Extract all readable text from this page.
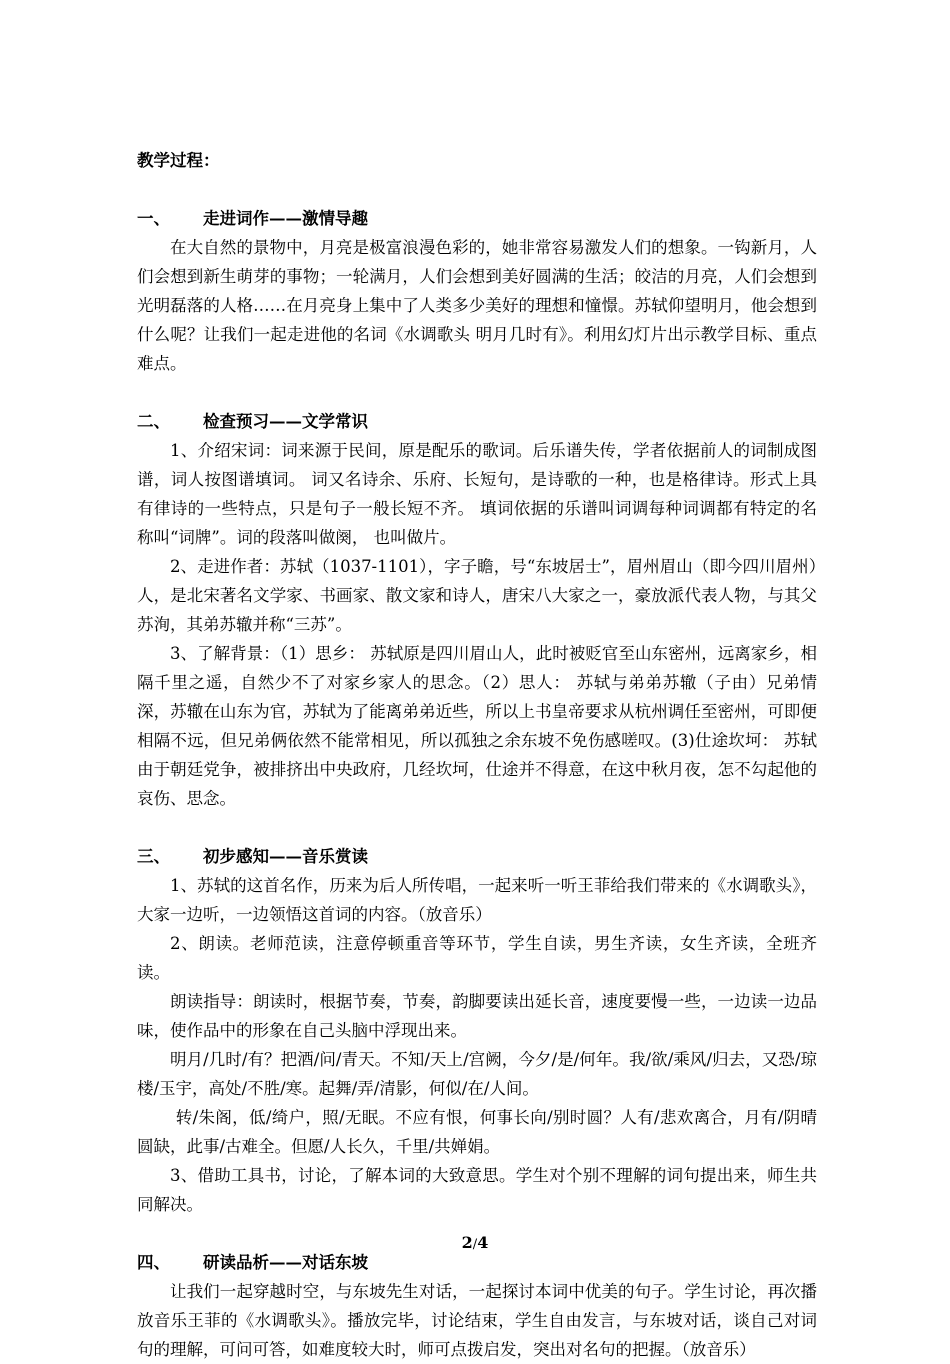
教学过程：

一、 走进词作——激情导趣

在大自然的景物中，月亮是极富浪漫色彩的，她非常容易激发人们的想象。一钩新月，人们会想到新生萌芽的事物；一轮满月，人们会想到美好圆满的生活；皎洁的月亮，人们会想到光明磊落的人格……在月亮身上集中了人类多少美好的理想和憧憬。苏轼仰望明月，他会想到什么呢？让我们一起走进他的名词《水调歌头 明月几时有》。利用幻灯片出示教学目标、重点难点。

二、 检查预习——文学常识

1、介绍宋词：词来源于民间，原是配乐的歌词。后乐谱失传，学者依据前人的词制成图谱，词人按图谱填词。 词又名诗余、乐府、长短句，是诗歌的一种，也是格律诗。形式上具有律诗的一些特点，只是句子一般长短不齐。 填词依据的乐谱叫词调每种词调都有特定的名称叫“词牌”。词的段落叫做阕， 也叫做片。

2、走进作者：苏轼（1037-1101），字子瞻，号“东坡居士”，眉州眉山（即今四川眉州）人，是北宋著名文学家、书画家、散文家和诗人，唐宋八大家之一，豪放派代表人物，与其父苏洵，其弟苏辙并称“三苏”。

3、了解背景：（1）思乡： 苏轼原是四川眉山人，此时被贬官至山东密州，远离家乡，相隔千里之遥，自然少不了对家乡家人的思念。（2）思人： 苏轼与弟弟苏辙（子由）兄弟情深，苏辙在山东为官，苏轼为了能离弟弟近些，所以上书皇帝要求从杭州调任至密州，可即便相隔不远，但兄弟俩依然不能常相见，所以孤独之余东坡不免伤感嗟叹。(3)仕途坎坷： 苏轼由于朝廷党争，被排挤出中央政府，几经坎坷，仕途并不得意，在这中秋月夜，怎不勾起他的哀伤、思念。

三、 初步感知——音乐赏读

1、苏轼的这首名作，历来为后人所传唱，一起来听一听王菲给我们带来的《水调歌头》， 大家一边听，一边领悟这首词的内容。（放音乐）

2、朗读。老师范读，注意停顿重音等环节，学生自读，男生齐读，女生齐读，全班齐读。

朗读指导：朗读时，根据节奏，节奏，韵脚要读出延长音，速度要慢一些，一边读一边品味，使作品中的形象在自己头脑中浮现出来。

明月/几时/有？把酒/问/青天。不知/天上/宫阙，今夕/是/何年。我/欲/乘风/归去，又恐/琼楼/玉宇，高处/不胜/寒。起舞/弄/清影，何似/在/人间。

转/朱阁，低/绮户，照/无眠。不应有恨，何事长向/别时圆？人有/悲欢离合，月有/阴晴圆缺，此事/古难全。但愿/人长久，千里/共婵娟。

3、借助工具书，讨论，了解本词的大致意思。学生对个别不理解的词句提出来，师生共同解决。

四、 研读品析——对话东坡

让我们一起穿越时空，与东坡先生对话，一起探讨本词中优美的句子。学生讨论，再次播放音乐王菲的《水调歌头》。播放完毕，讨论结束，学生自由发言，与东坡对话，谈自己对词句的理解，可问可答，如难度较大时，师可点拨启发，突出对名句的把握。（放音乐）

2/4
